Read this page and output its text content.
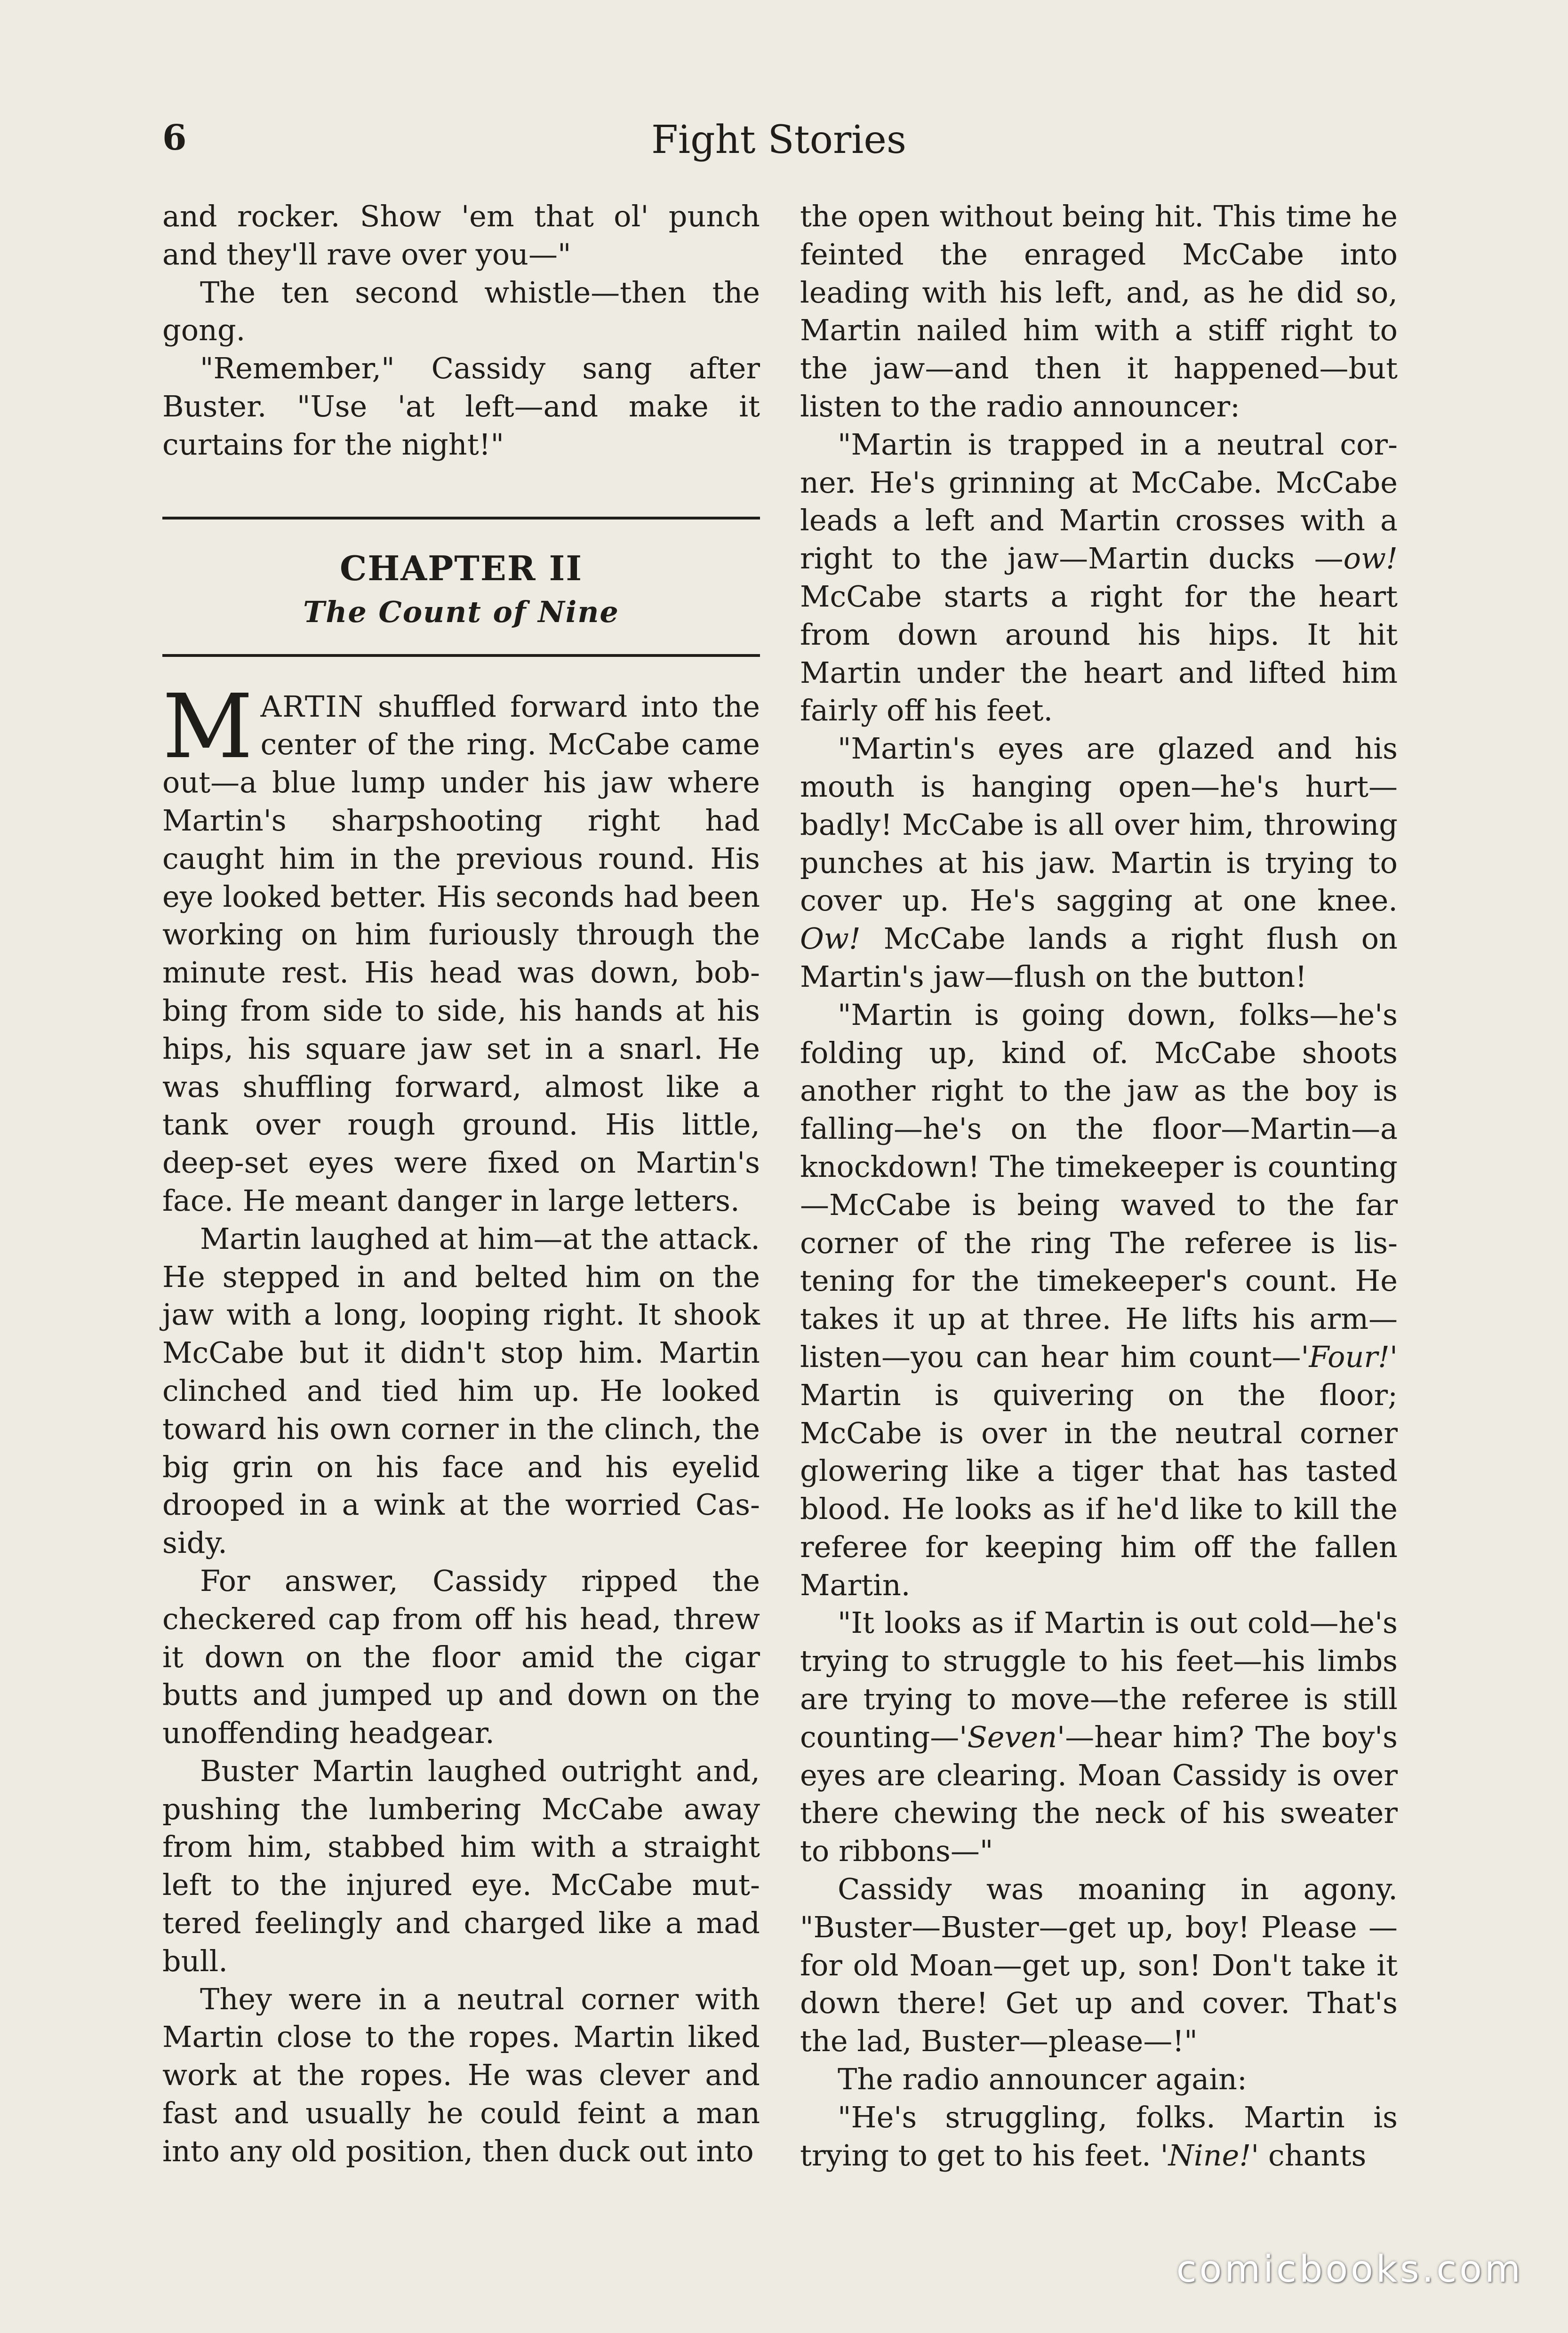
6	Fight Stories

and rocker. Show 'em that ol' punch and they'll rave over you—"

The ten second whistle—then the gong.

"Remember," Cassidy sang after Buster. "Use 'at left—and make it curtains for the night!"

CHAPTER II
The Count of Nine

MARTIN shuffled forward into the center of the ring. McCabe came out—a blue lump under his jaw where Martin's sharpshooting right had caught him in the previous round. His eye looked better. His seconds had been working on him furiously through the minute rest. His head was down, bobbing from side to side, his hands at his hips, his square jaw set in a snarl. He was shuffling forward, almost like a tank over rough ground. His little, deep-set eyes were fixed on Martin's face. He meant danger in large letters.

Martin laughed at him—at the attack. He stepped in and belted him on the jaw with a long, looping right. It shook McCabe but it didn't stop him. Martin clinched and tied him up. He looked toward his own corner in the clinch, the big grin on his face and his eyelid drooped in a wink at the worried Cassidy.

For answer, Cassidy ripped the checkered cap from off his head, threw it down on the floor amid the cigar butts and jumped up and down on the unoffending headgear.

Buster Martin laughed outright and, pushing the lumbering McCabe away from him, stabbed him with a straight left to the injured eye. McCabe muttered feelingly and charged like a mad bull.

They were in a neutral corner with Martin close to the ropes. Martin liked work at the ropes. He was clever and fast and usually he could feint a man into any old position, then duck out into

the open without being hit. This time he feinted the enraged McCabe into leading with his left, and, as he did so, Martin nailed him with a stiff right to the jaw—and then it happened—but listen to the radio announcer:

"Martin is trapped in a neutral corner. He's grinning at McCabe. McCabe leads a left and Martin crosses with a right to the jaw—Martin ducks —ow! McCabe starts a right for the heart from down around his hips. It hit Martin under the heart and lifted him fairly off his feet.

"Martin's eyes are glazed and his mouth is hanging open—he's hurt—badly! McCabe is all over him, throwing punches at his jaw. Martin is trying to cover up. He's sagging at one knee. Ow! McCabe lands a right flush on Martin's jaw—flush on the button!

"Martin is going down, folks—he's folding up, kind of. McCabe shoots another right to the jaw as the boy is falling—he's on the floor—Martin—a knockdown! The timekeeper is counting—McCabe is being waved to the far corner of the ring The referee is listening for the timekeeper's count. He takes it up at three. He lifts his arm—listen—you can hear him count—'Four!' Martin is quivering on the floor; McCabe is over in the neutral corner glowering like a tiger that has tasted blood. He looks as if he'd like to kill the referee for keeping him off the fallen Martin.

"It looks as if Martin is out cold—he's trying to struggle to his feet—his limbs are trying to move—the referee is still counting—'Seven'—hear him? The boy's eyes are clearing. Moan Cassidy is over there chewing the neck of his sweater to ribbons—"

Cassidy was moaning in agony. "Buster—Buster—get up, boy! Please —for old Moan—get up, son! Don't take it down there! Get up and cover. That's the lad, Buster—please—!"

The radio announcer again:

"He's struggling, folks. Martin is trying to get to his feet. 'Nine!' chants

comicbooks.com
